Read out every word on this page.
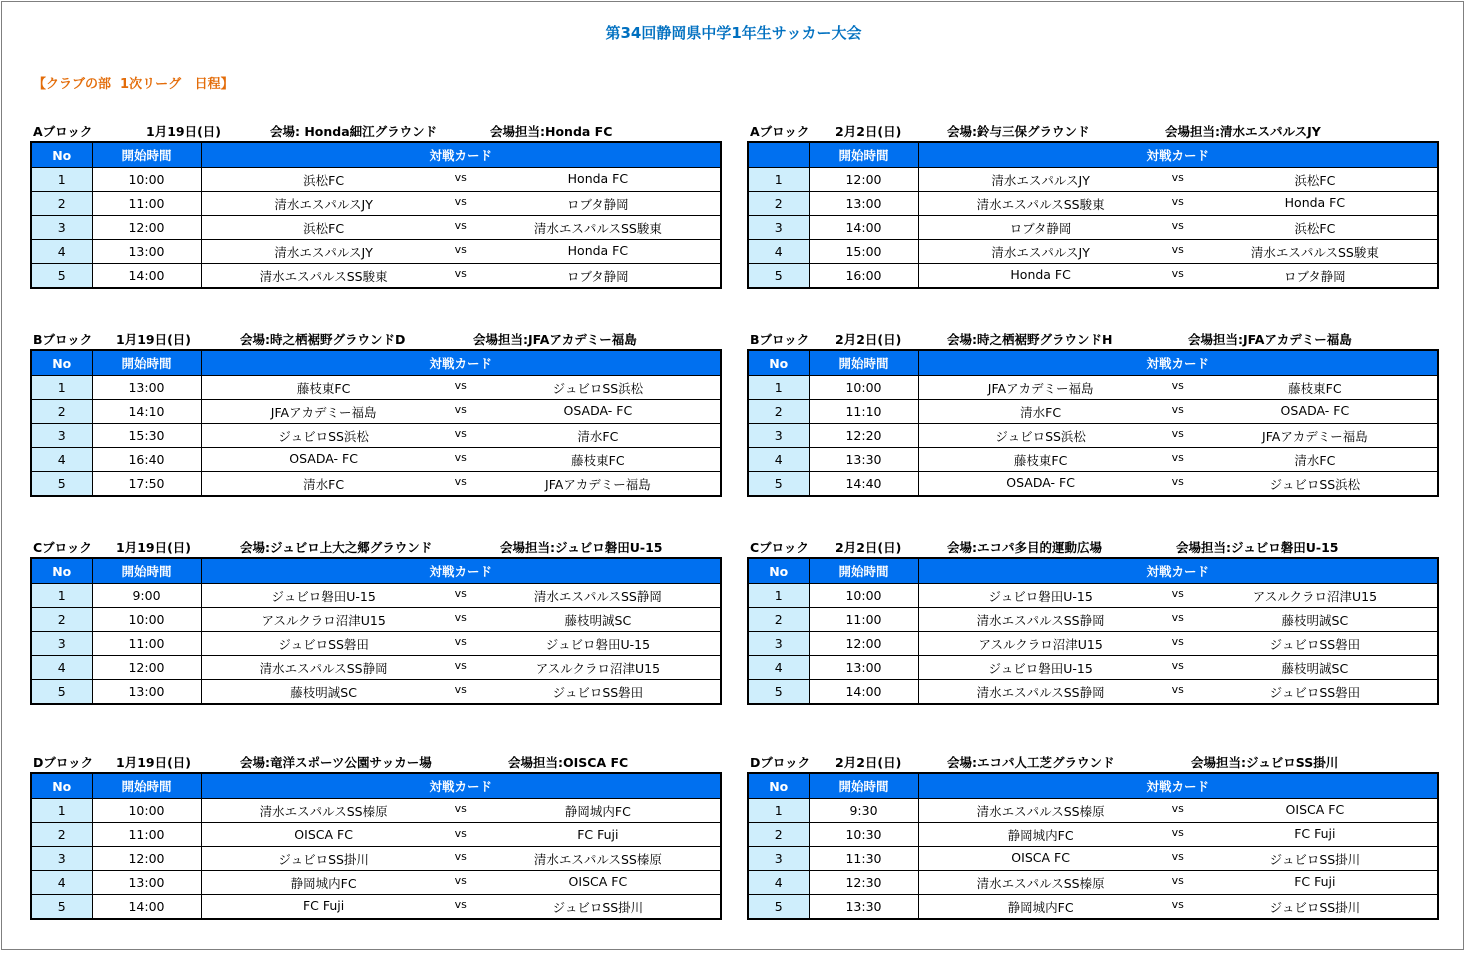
第34回静岡県中学1年生サッカー大会
【クラブの部  1次リーグ   日程】
Aブロック	1月19日(日)	会場: Honda細江グラウンド	会場担当:Honda FC
No	開始時間	対戦カード
1	10:00	浜松FC vs Honda FC

2	11:00	清水エスパルスJY vs ロブタ静岡

3	12:00	浜松FC vs 清水エスパルスSS駿東

4	13:00	清水エスパルスJY vs Honda FC

5	14:00	清水エスパルスSS駿東 vs ロブタ静岡
Aブロック 2月2日(日)	会場:鈴与三保グラウンド	会場担当:清水エスパルスJY
	開始時間	対戦カード
1	12:00	清水エスパルスJY vs 浜松FC

2	13:00	清水エスパルスSS駿東 vs Honda FC

3	14:00	ロブタ静岡 vs 浜松FC

4	15:00	清水エスパルスJY vs 清水エスパルスSS駿東

5	16:00	Honda FC vs ロブタ静岡
Bブロック 1月19日(日)	会場:時之栖裾野グラウンドD	会場担当:JFAアカデミー福島
No	開始時間	対戦カード
1	13:00	藤枝東FC vs ジュビロSS浜松

2	14:10	JFAアカデミー福島 vs OSADA- FC

3	15:30	ジュビロSS浜松 vs 清水FC

4	16:40	OSADA- FC vs 藤枝東FC

5	17:50	清水FC vs JFAアカデミー福島
Bブロック 2月2日(日)	会場:時之栖裾野グラウンドH	会場担当:JFAアカデミー福島
No	開始時間	対戦カード
1	10:00	JFAアカデミー福島 vs 藤枝東FC

2	11:10	清水FC vs OSADA- FC

3	12:20	ジュビロSS浜松 vs JFAアカデミー福島

4	13:30	藤枝東FC vs 清水FC

5	14:40	OSADA- FC vs ジュビロSS浜松
Cブロック 1月19日(日)	会場:ジュビロ上大之郷グラウンド	会場担当:ジュビロ磐田U-15
No	開始時間	対戦カード
1	9:00	ジュビロ磐田U-15 vs 清水エスパルスSS静岡

2	10:00	アスルクラロ沼津U15 vs 藤枝明誠SC

3	11:00	ジュビロSS磐田 vs ジュビロ磐田U-15

4	12:00	清水エスパルスSS静岡 vs アスルクラロ沼津U15

5	13:00	藤枝明誠SC vs ジュビロSS磐田
Cブロック 2月2日(日)	会場:エコパ多目的運動広場	会場担当:ジュビロ磐田U-15
No	開始時間	対戦カード
1	10:00	ジュビロ磐田U-15 vs アスルクラロ沼津U15

2	11:00	清水エスパルスSS静岡 vs 藤枝明誠SC

3	12:00	アスルクラロ沼津U15 vs ジュビロSS磐田

4	13:00	ジュビロ磐田U-15 vs 藤枝明誠SC

5	14:00	清水エスパルスSS静岡 vs ジュビロSS磐田
Dブロック 1月19日(日)	会場:竜洋スポーツ公園サッカー場	会場担当:OISCA FC
No	開始時間	対戦カード
1	10:00	清水エスパルスSS榛原 vs 静岡城内FC

2	11:00	OISCA FC vs FC Fuji

3	12:00	ジュビロSS掛川 vs 清水エスパルスSS榛原

4	13:00	静岡城内FC vs OISCA FC

5	14:00	FC Fuji vs ジュビロSS掛川
Dブロック 2月2日(日)	会場:エコパ人工芝グラウンド	会場担当:ジュビロSS掛川
No	開始時間	対戦カード
1	9:30	清水エスパルスSS榛原 vs OISCA FC

2	10:30	静岡城内FC vs FC Fuji

3	11:30	OISCA FC vs ジュビロSS掛川

4	12:30	清水エスパルスSS榛原 vs FC Fuji

5	13:30	静岡城内FC vs ジュビロSS掛川
